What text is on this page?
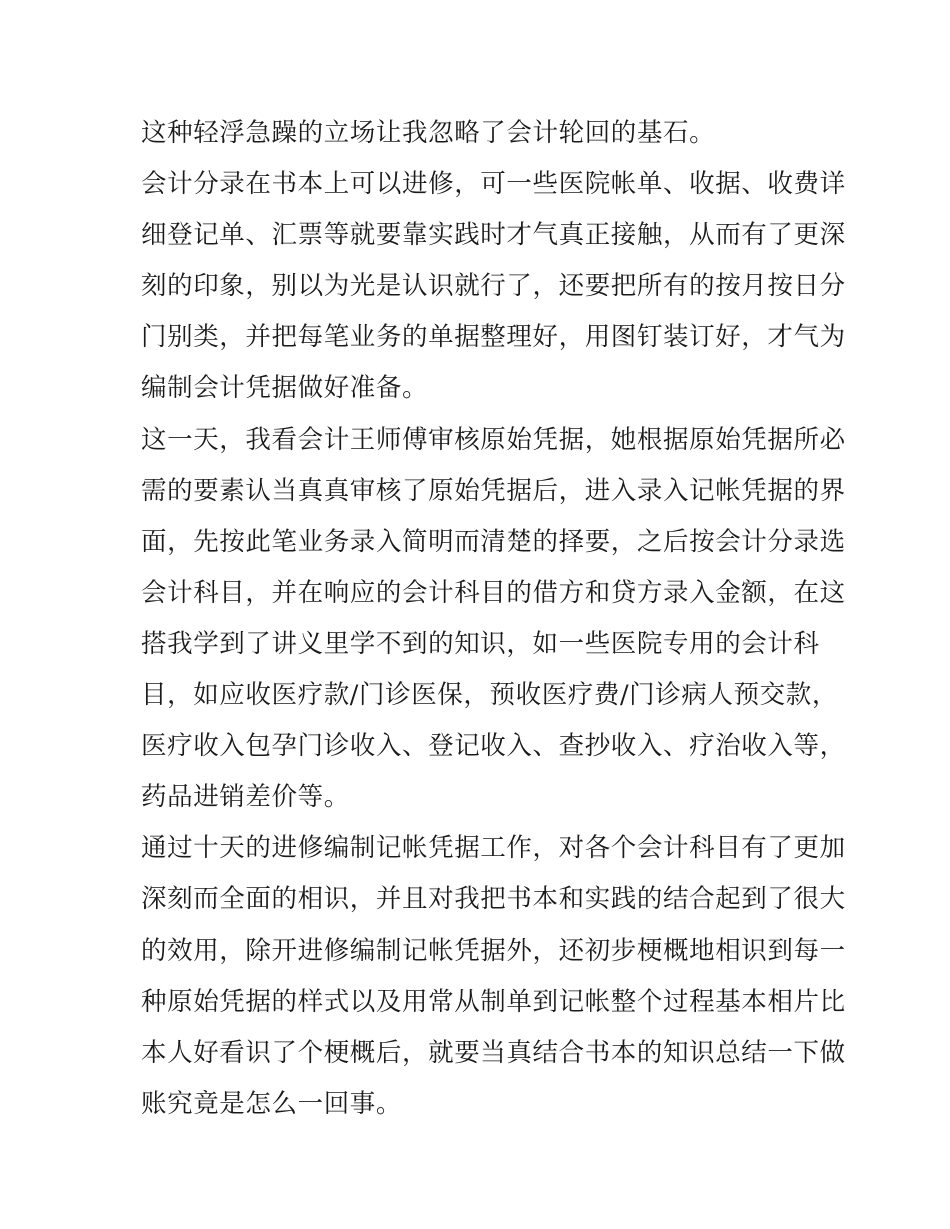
这种轻浮急躁的立场让我忽略了会计轮回的基石。
会计分录在书本上可以进修，可一些医院帐单、收据、收费详
细登记单、汇票等就要靠实践时才气真正接触，从而有了更深
刻的印象，别以为光是认识就行了，还要把所有的按月按日分
门别类，并把每笔业务的单据整理好，用图钉装订好，才气为
编制会计凭据做好准备。
这一天，我看会计王师傅审核原始凭据，她根据原始凭据所必
需的要素认当真真审核了原始凭据后，进入录入记帐凭据的界
面，先按此笔业务录入简明而清楚的择要，之后按会计分录选
会计科目，并在响应的会计科目的借方和贷方录入金额，在这
搭我学到了讲义里学不到的知识，如一些医院专用的会计科
目，如应收医疗款/门诊医保，预收医疗费/门诊病人预交款，
医疗收入包孕门诊收入、登记收入、查抄收入、疗治收入等，
药品进销差价等。
通过十天的进修编制记帐凭据工作，对各个会计科目有了更加
深刻而全面的相识，并且对我把书本和实践的结合起到了很大
的效用，除开进修编制记帐凭据外，还初步梗概地相识到每一
种原始凭据的样式以及用常从制单到记帐整个过程基本相片比
本人好看识了个梗概后，就要当真结合书本的知识总结一下做
账究竟是怎么一回事。
